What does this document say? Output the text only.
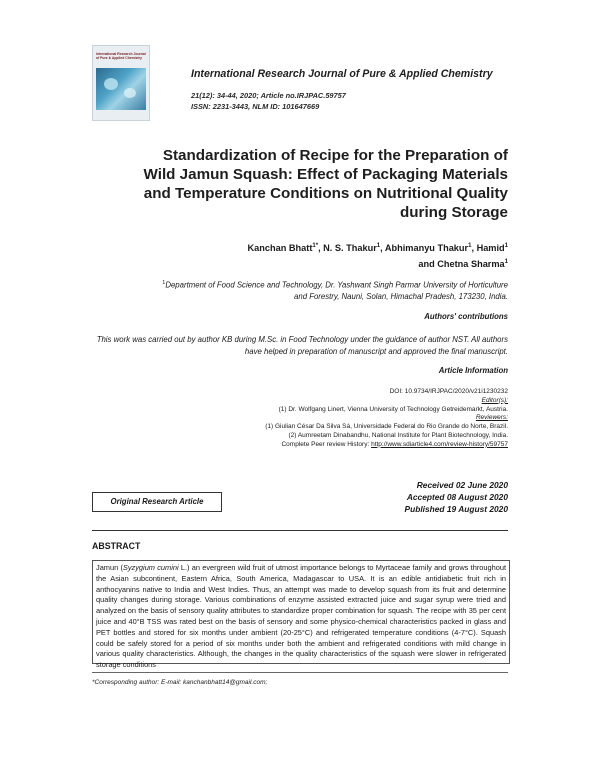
International Research Journal of Pure & Applied Chemistry
International Research Journal of Pure & Applied Chemistry
21(12): 34-44, 2020; Article no.IRJPAC.59757
ISSN: 2231-3443, NLM ID: 101647669
Standardization of Recipe for the Preparation of
Wild Jamun Squash: Effect of Packaging Materials
and Temperature Conditions on Nutritional Quality
during Storage
Kanchan Bhatt$^{1*}$, N. S. Thakur$^1$, Abhimanyu Thakur$^1$, Hamid$^1$
and Chetna Sharma$^1$
$^1$Department of Food Science and Technology, Dr. Yashwant Singh Parmar University of Horticulture
and Forestry, Nauni, Solan, Himachal Pradesh, 173230, India.
Authors' contributions
This work was carried out by author KB during M.Sc. in Food Technology under the guidance of author NST. All authors have helped in preparation of manuscript and approved the final manuscript.
Article Information
DOI: 10.9734/IRJPAC/2020/v21i1230232
Editor(s):
(1) Dr. Wolfgang Linert, Vienna University of Technology Getreidemarkt, Austria.
Reviewers:
(1) Giulian César Da Silva Sá, Universidade Federal do Rio Grande do Norte, Brazil.
(2) Aumreetam Dinabandhu, National Institute for Plant Biotechnology, India.
Complete Peer review History: http://www.sdiarticle4.com/review-history/59757
Original Research Article
Received 02 June 2020
Accepted 08 August 2020
Published 19 August 2020
ABSTRACT
Jamun (Syzygium cumini L.) an evergreen wild fruit of utmost importance belongs to Myrtaceae family and grows throughout the Asian subcontinent, Eastern Africa, South America, Madagascar to USA. It is an edible antidiabetic fruit rich in anthocyanins native to India and West Indies. Thus, an attempt was made to develop squash from its fruit and determine quality changes during storage. Various combinations of enzyme assisted extracted juice and sugar syrup were tried and analyzed on the basis of sensory quality attributes to standardize proper combination for squash. The recipe with 35 per cent juice and 40°B TSS was rated best on the basis of sensory and some physico-chemical characteristics packed in glass and PET bottles and stored for six months under ambient (20-25°C) and refrigerated temperature conditions (4-7°C). Squash could be safely stored for a period of six months under both the ambient and refrigerated conditions with mild change in various quality characteristics. Although, the changes in the quality characteristics of the squash were slower in refrigerated storage conditions
*Corresponding author: E-mail: kanchanbhatt14@gmail.com;
